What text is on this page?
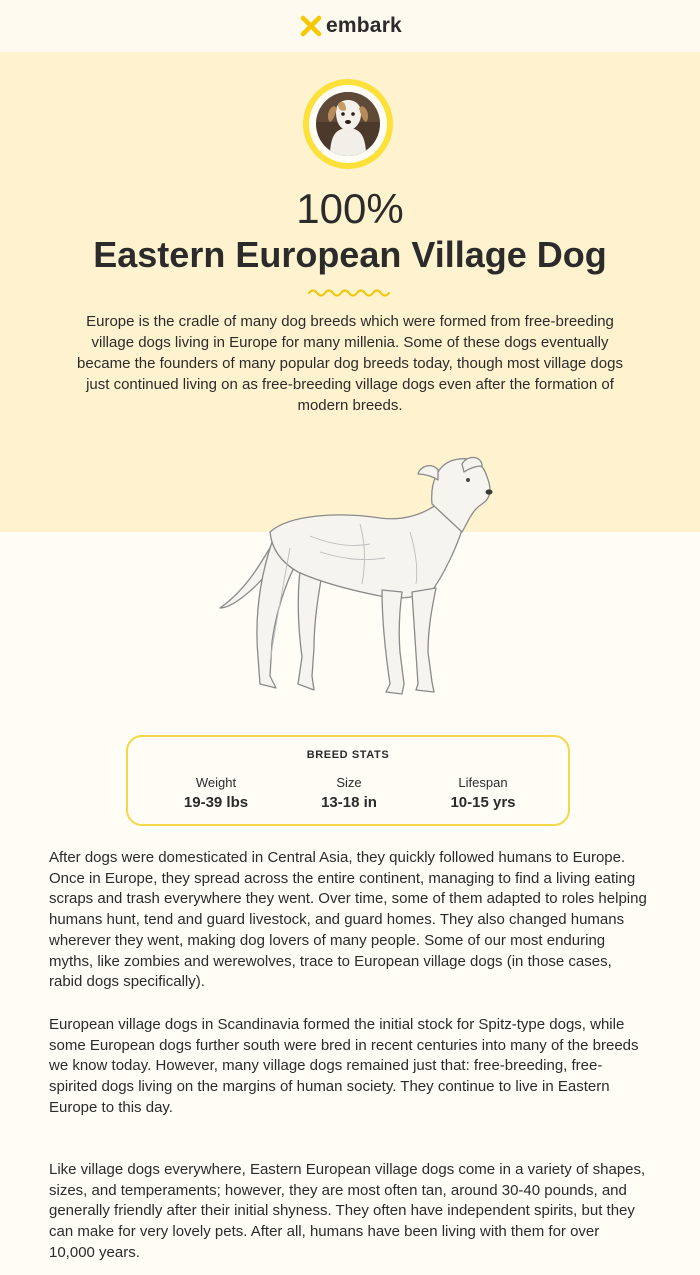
embark
100%
Eastern European Village Dog

Europe is the cradle of many dog breeds which were formed from free-breeding village dogs living in Europe for many millenia. Some of these dogs eventually became the founders of many popular dog breeds today, though most village dogs just continued living on as free-breeding village dogs even after the formation of modern breeds.

BREED STATS
Weight
19-39 lbs
Size
13-18 in
Lifespan
10-15 yrs

After dogs were domesticated in Central Asia, they quickly followed humans to Europe. Once in Europe, they spread across the entire continent, managing to find a living eating scraps and trash everywhere they went. Over time, some of them adapted to roles helping humans hunt, tend and guard livestock, and guard homes. They also changed humans wherever they went, making dog lovers of many people. Some of our most enduring myths, like zombies and werewolves, trace to European village dogs (in those cases, rabid dogs specifically).

European village dogs in Scandinavia formed the initial stock for Spitz-type dogs, while some European dogs further south were bred in recent centuries into many of the breeds we know today. However, many village dogs remained just that: free-breeding, free-spirited dogs living on the margins of human society. They continue to live in Eastern Europe to this day.

Like village dogs everywhere, Eastern European village dogs come in a variety of shapes, sizes, and temperaments; however, they are most often tan, around 30-40 pounds, and generally friendly after their initial shyness. They often have independent spirits, but they can make for very lovely pets. After all, humans have been living with them for over 10,000 years.
